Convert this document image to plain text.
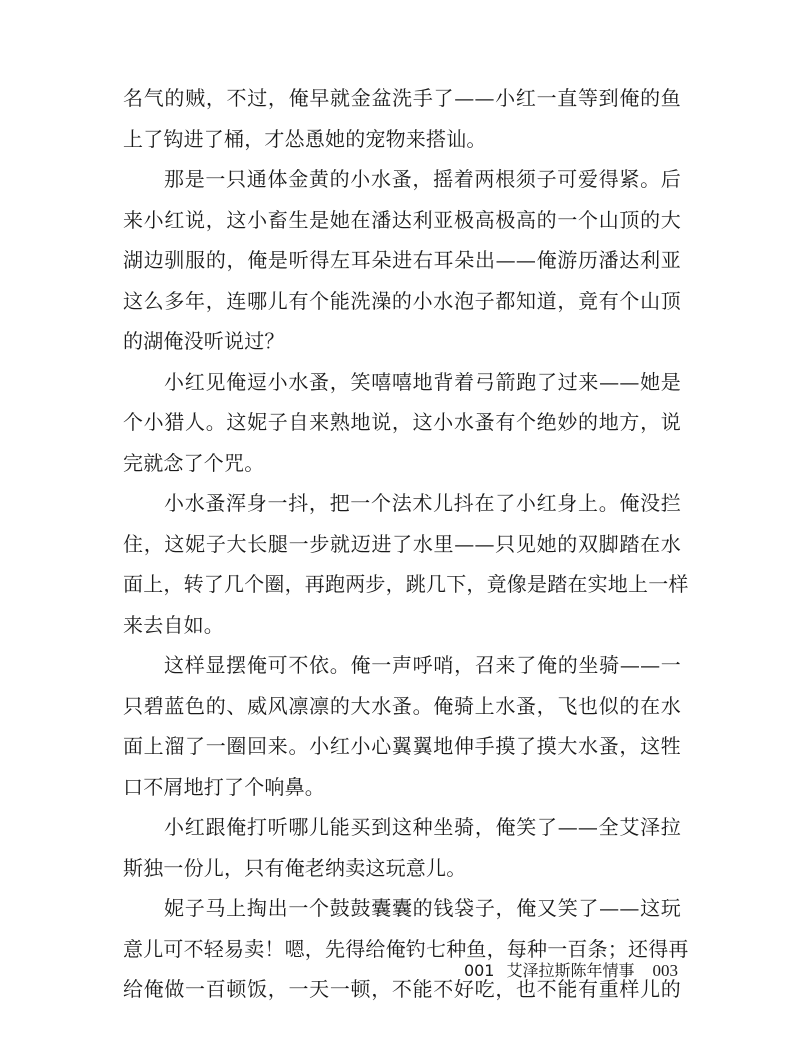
名气的贼，不过，俺早就金盆洗手了——小红一直等到俺的鱼
上了钩进了桶，才怂恿她的宠物来搭讪。
那是一只通体金黄的小水蚤，摇着两根须子可爱得紧。后
来小红说，这小畜生是她在潘达利亚极高极高的一个山顶的大
湖边驯服的，俺是听得左耳朵进右耳朵出——俺游历潘达利亚
这么多年，连哪儿有个能洗澡的小水泡子都知道，竟有个山顶
的湖俺没听说过？
小红见俺逗小水蚤，笑嘻嘻地背着弓箭跑了过来——她是
个小猎人。这妮子自来熟地说，这小水蚤有个绝妙的地方，说
完就念了个咒。
小水蚤浑身一抖，把一个法术儿抖在了小红身上。俺没拦
住，这妮子大长腿一步就迈进了水里——只见她的双脚踏在水
面上，转了几个圈，再跑两步，跳几下，竟像是踏在实地上一样
来去自如。
这样显摆俺可不依。俺一声呼哨，召来了俺的坐骑——一
只碧蓝色的、威风凛凛的大水蚤。俺骑上水蚤，飞也似的在水
面上溜了一圈回来。小红小心翼翼地伸手摸了摸大水蚤，这牲
口不屑地打了个响鼻。
小红跟俺打听哪儿能买到这种坐骑，俺笑了——全艾泽拉
斯独一份儿，只有俺老纳卖这玩意儿。
妮子马上掏出一个鼓鼓囊囊的钱袋子，俺又笑了——这玩
意儿可不轻易卖！嗯，先得给俺钓七种鱼，每种一百条；还得再
给俺做一百顿饭，一天一顿，不能不好吃，也不能有重样儿的
001 艾泽拉斯陈年情事 003
